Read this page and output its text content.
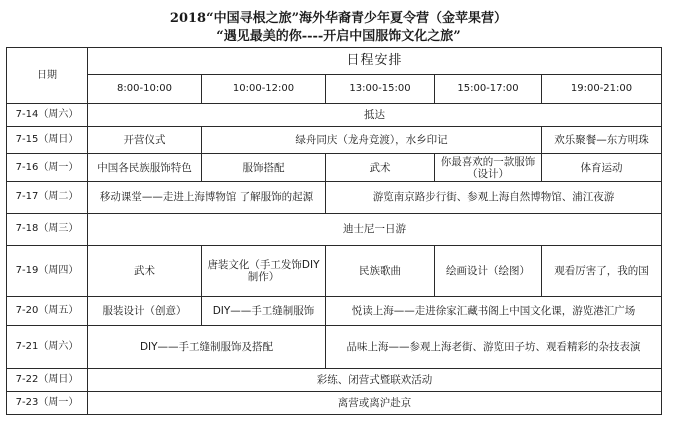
2018“中国寻根之旅”海外华裔青少年夏令营（金苹果营）
“遇见最美的你----开启中国服饰文化之旅”
日期	日程安排				
	8:00-10:00	10:00-12:00	13:00-15:00	15:00-17:00	19:00-21:00
7-14（周六）	抵达				
7-15（周日）	开营仪式	绿舟同庆（龙舟竞渡），水乡印记			欢乐聚餐—东方明珠
7-16（周一）	中国各民族服饰特色	服饰搭配	武术	你最喜欢的一款服饰（设计）	体育运动
7-17（周二）	移动课堂——走进上海博物馆 了解服饰的起源		游览南京路步行街、参观上海自然博物馆、浦江夜游		
7-18（周三）	迪士尼一日游				
7-19（周四）	武术	唐装文化（手工发饰DIY制作）	民族歌曲	绘画设计（绘图）	观看厉害了，我的国
7-20（周五）	服装设计（创意）	DIY——手工缝制服饰	悦读上海——走进徐家汇藏书阁上中国文化课，游览港汇广场		
7-21（周六）	DIY——手工缝制服饰及搭配		品味上海——参观上海老街、游览田子坊、观看精彩的杂技表演		
7-22（周日）	彩练、闭营式暨联欢活动				
7-23（周一）	离营或离沪赴京				
